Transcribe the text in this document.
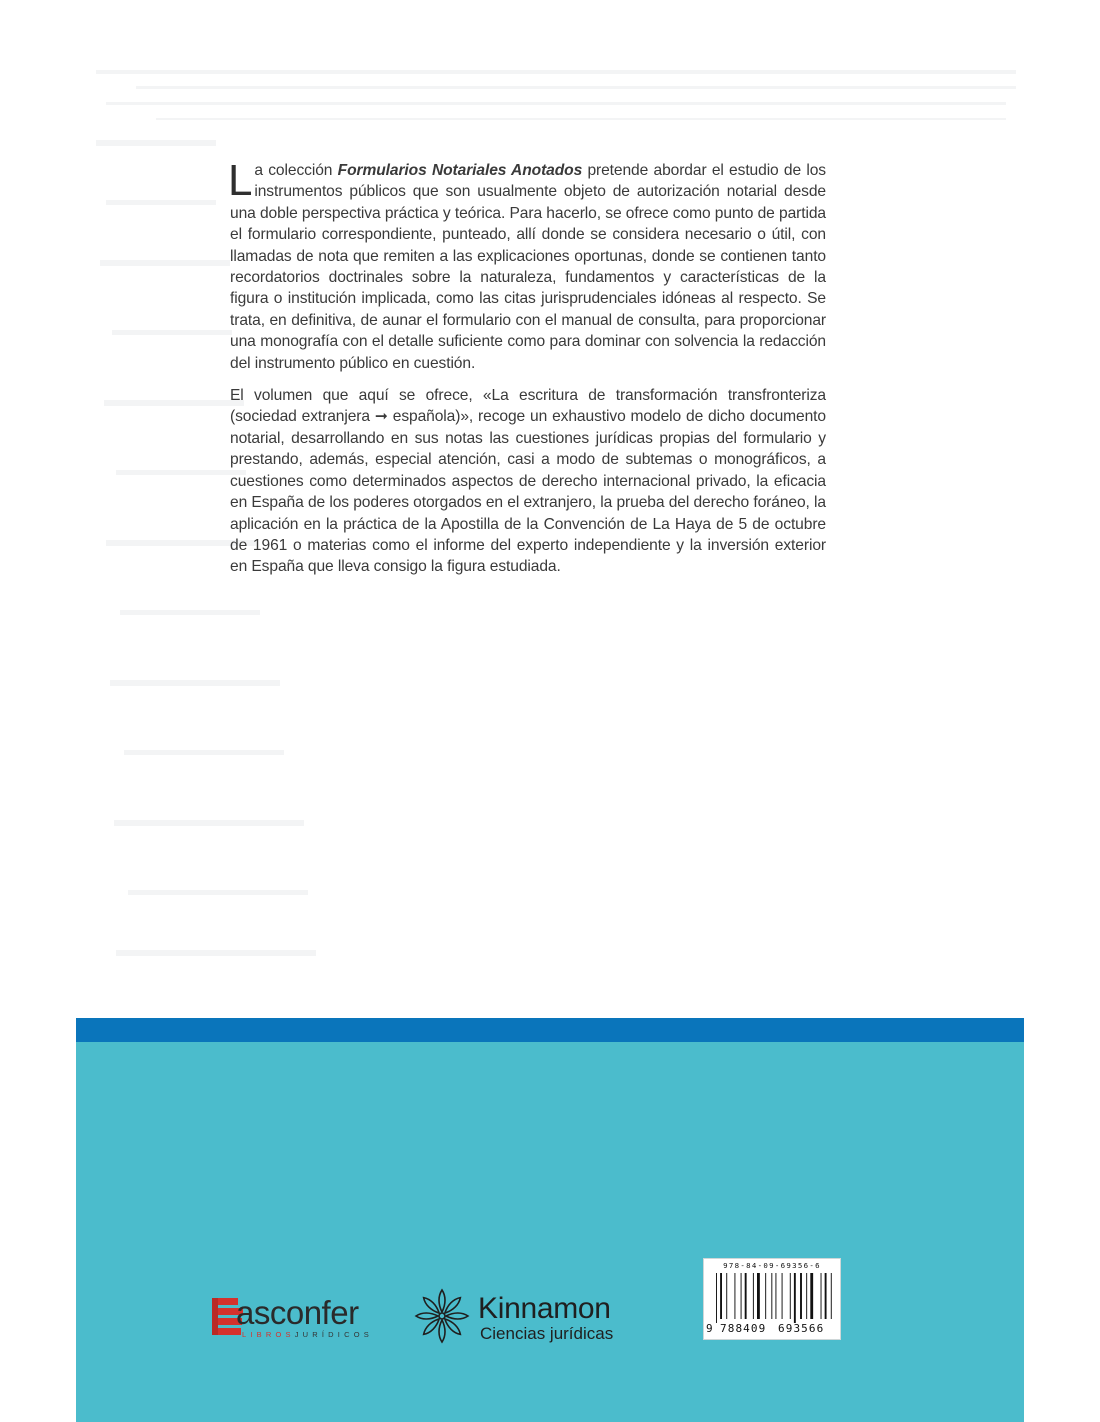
La colección Formularios Notariales Anotados pretende abordar el estudio de los instrumentos públicos que son usualmente objeto de autorización notarial desde una doble perspectiva práctica y teórica. Para hacerlo, se ofrece como punto de partida el formulario correspondiente, punteado, allí donde se considera necesario o útil, con llamadas de nota que remiten a las explicaciones oportunas, donde se contienen tanto recordatorios doctrinales sobre la naturaleza, fundamentos y características de la figura o institución implicada, como las citas jurisprudenciales idóneas al respecto. Se trata, en definitiva, de aunar el formulario con el manual de consulta, para proporcionar una monografía con el detalle suficiente como para dominar con solvencia la redacción del instrumento público en cuestión.

El volumen que aquí se ofrece, «La escritura de transformación transfronteriza (sociedad extranjera ➞ española)», recoge un exhaustivo modelo de dicho documento notarial, desarrollando en sus notas las cuestiones jurídicas propias del formulario y prestando, además, especial atención, casi a modo de subtemas o monográficos, a cuestiones como determinados aspectos de derecho internacional privado, la eficacia en España de los poderes otorgados en el extranjero, la prueba del derecho foráneo, la aplicación en la práctica de la Apostilla de la Convención de La Haya de 5 de octubre de 1961 o materias como el informe del experto independiente y la inversión exterior en España que lleva consigo la figura estudiada.

asconfer
LIBROSJURÍDICOS
Kinnamon
Ciencias jurídicas
978-84-09-69356-6
9 788409 693566
